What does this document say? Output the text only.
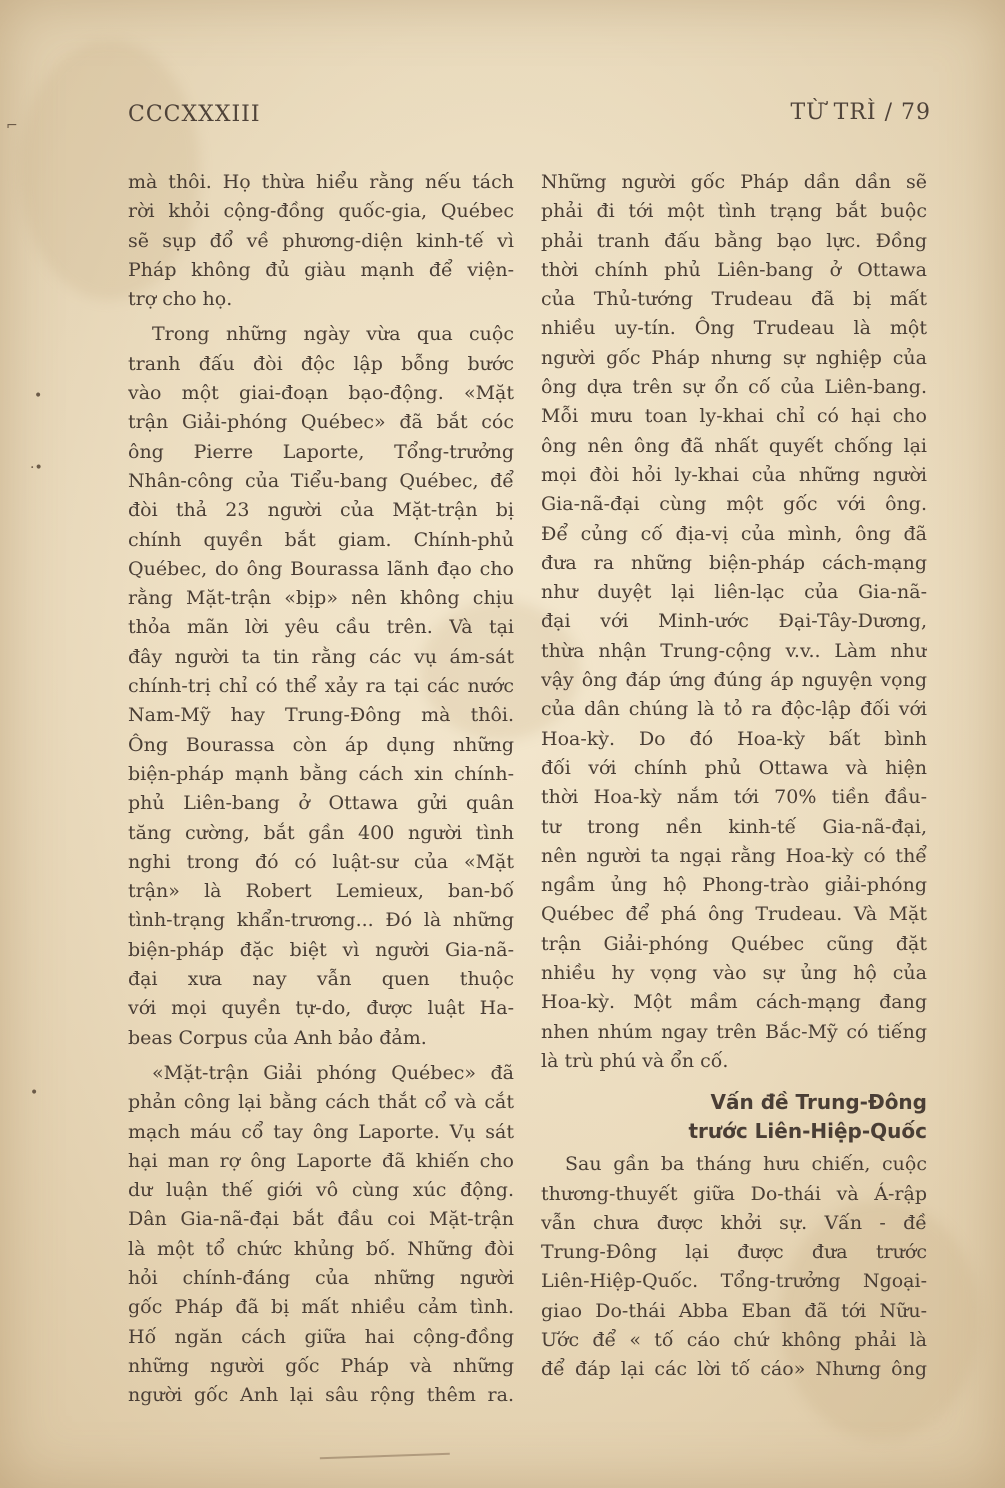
⌐
•
·•
•
CCCXXXIII	TỪ TRÌ / 79
mà thôi. Họ thừa hiểu rằng nếu tách
rời khỏi cộng-đồng quốc-gia, Québec
sẽ sụp đổ về phương-diện kinh-tế vì
Pháp không đủ giàu mạnh để viện-
trợ cho họ.
Trong những ngày vừa qua cuộc
tranh đấu đòi độc lập bỗng bước
vào một giai-đoạn bạo-động. «Mặt
trận Giải-phóng Québec» đã bắt cóc
ông Pierre Laporte, Tổng-trưởng
Nhân-công của Tiểu-bang Québec, để
đòi thả 23 người của Mặt-trận bị
chính quyền bắt giam. Chính-phủ
Québec, do ông Bourassa lãnh đạo cho
rằng Mặt-trận «bịp» nên không chịu
thỏa mãn lời yêu cầu trên. Và tại
đây người ta tin rằng các vụ ám-sát
chính-trị chỉ có thể xảy ra tại các nước
Nam-Mỹ hay Trung-Đông mà thôi.
Ông Bourassa còn áp dụng những
biện-pháp mạnh bằng cách xin chính-
phủ Liên-bang ở Ottawa gửi quân
tăng cường, bắt gần 400 người tình
nghi trong đó có luật-sư của «Mặt
trận» là Robert Lemieux, ban-bố
tình-trạng khẩn-trương... Đó là những
biện-pháp đặc biệt vì người Gia-nã-
đại xưa nay vẫn quen thuộc
với mọi quyền tự-do, được luật Ha-
beas Corpus của Anh bảo đảm.
«Mặt-trận Giải phóng Québec» đã
phản công lại bằng cách thắt cổ và cắt
mạch máu cổ tay ông Laporte. Vụ sát
hại man rợ ông Laporte đã khiến cho
dư luận thế giới vô cùng xúc động.
Dân Gia-nã-đại bắt đầu coi Mặt-trận
là một tổ chức khủng bố. Những đòi
hỏi chính-đáng của những người
gốc Pháp đã bị mất nhiều cảm tình.
Hố ngăn cách giữa hai cộng-đồng
những người gốc Pháp và những
người gốc Anh lại sâu rộng thêm ra.
Những người gốc Pháp dần dần sẽ
phải đi tới một tình trạng bắt buộc
phải tranh đấu bằng bạo lực. Đồng
thời chính phủ Liên-bang ở Ottawa
của Thủ-tướng Trudeau đã bị mất
nhiều uy-tín. Ông Trudeau là một
người gốc Pháp nhưng sự nghiệp của
ông dựa trên sự ổn cố của Liên-bang.
Mỗi mưu toan ly-khai chỉ có hại cho
ông nên ông đã nhất quyết chống lại
mọi đòi hỏi ly-khai của những người
Gia-nã-đại cùng một gốc với ông.
Để củng cố địa-vị của mình, ông đã
đưa ra những biện-pháp cách-mạng
như duyệt lại liên-lạc của Gia-nã-
đại với Minh-ước Đại-Tây-Dương,
thừa nhận Trung-cộng v.v.. Làm như
vậy ông đáp ứng đúng áp nguyện vọng
của dân chúng là tỏ ra độc-lập đối với
Hoa-kỳ. Do đó Hoa-kỳ bất bình
đối với chính phủ Ottawa và hiện
thời Hoa-kỳ nắm tới 70% tiền đầu-
tư trong nền kinh-tế Gia-nã-đại,
nên người ta ngại rằng Hoa-kỳ có thể
ngầm ủng hộ Phong-trào giải-phóng
Québec để phá ông Trudeau. Và Mặt
trận Giải-phóng Québec cũng đặt
nhiều hy vọng vào sự ủng hộ của
Hoa-kỳ. Một mầm cách-mạng đang
nhen nhúm ngay trên Bắc-Mỹ có tiếng
là trù phú và ổn cố.
Vấn đề Trung-Đông
trước Liên-Hiệp-Quốc
Sau gần ba tháng hưu chiến, cuộc
thương-thuyết giữa Do-thái và Á-rập
vẫn chưa được khởi sự. Vấn - đề
Trung-Đông lại được đưa trước
Liên-Hiệp-Quốc. Tổng-trưởng Ngoại-
giao Do-thái Abba Eban đã tới Nữu-
Ước để « tố cáo chứ không phải là
để đáp lại các lời tố cáo» Nhưng ông
